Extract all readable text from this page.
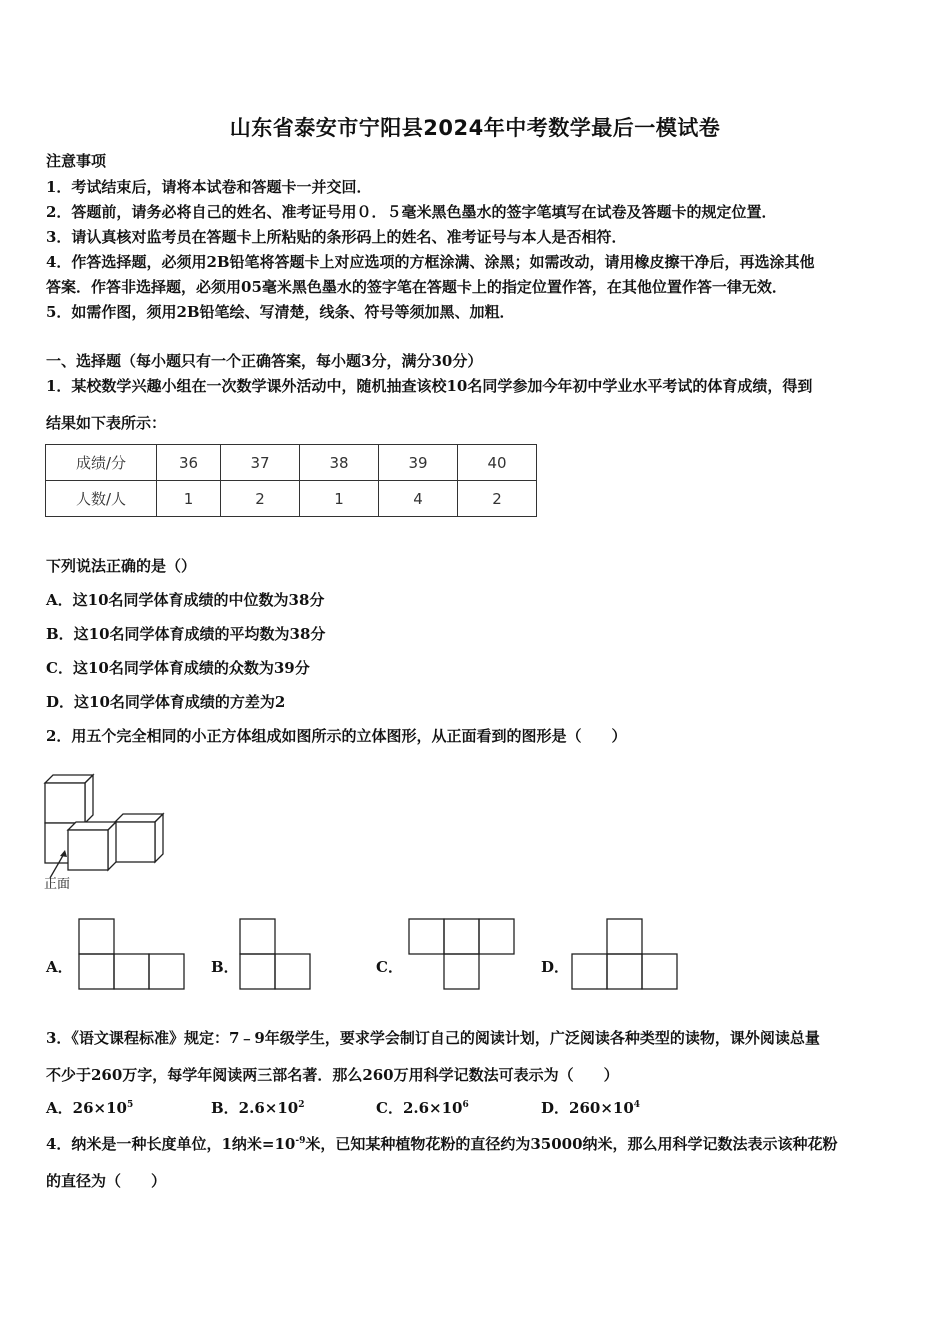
山东省泰安市宁阳县2024年中考数学最后一模试卷
注意事项
1．考试结束后，请将本试卷和答题卡一并交回．
2．答题前，请务必将自己的姓名、准考证号用０．５毫米黑色墨水的签字笔填写在试卷及答题卡的规定位置．
3．请认真核对监考员在答题卡上所粘贴的条形码上的姓名、准考证号与本人是否相符．
4．作答选择题，必须用2B铅笔将答题卡上对应选项的方框涂满、涂黑；如需改动，请用橡皮擦干净后，再选涂其他
答案．作答非选择题，必须用05毫米黑色墨水的签字笔在答题卡上的指定位置作答，在其他位置作答一律无效．
5．如需作图，须用2B铅笔绘、写清楚，线条、符号等须加黑、加粗．
一、选择题（每小题只有一个正确答案，每小题3分，满分30分）
1．某校数学兴趣小组在一次数学课外活动中，随机抽查该校10名同学参加今年初中学业水平考试的体育成绩，得到
结果如下表所示：
成绩/分	36	37	38	39	40
人数/人	1	2	1	4	2
下列说法正确的是（）
A．这10名同学体育成绩的中位数为38分
B．这10名同学体育成绩的平均数为38分
C．这10名同学体育成绩的众数为39分
D．这10名同学体育成绩的方差为2
2．用五个完全相同的小正方体组成如图所示的立体图形，从正面看到的图形是（　　）
正面
A．	B．	C．	D．
3．《语文课程标准》规定：7﹣9年级学生，要求学会制订自己的阅读计划，广泛阅读各种类型的读物，课外阅读总量
不少于260万字，每学年阅读两三部名著．那么260万用科学记数法可表示为（　　）
A．$26\times 10^5$	B．$2.6\times 10^2$	C．$2.6\times 10^6$	D．$260\times 10^4$
4．纳米是一种长度单位，1纳米$=10^{-9}$米，已知某种植物花粉的直径约为35000纳米，那么用科学记数法表示该种花粉
的直径为（　　）
